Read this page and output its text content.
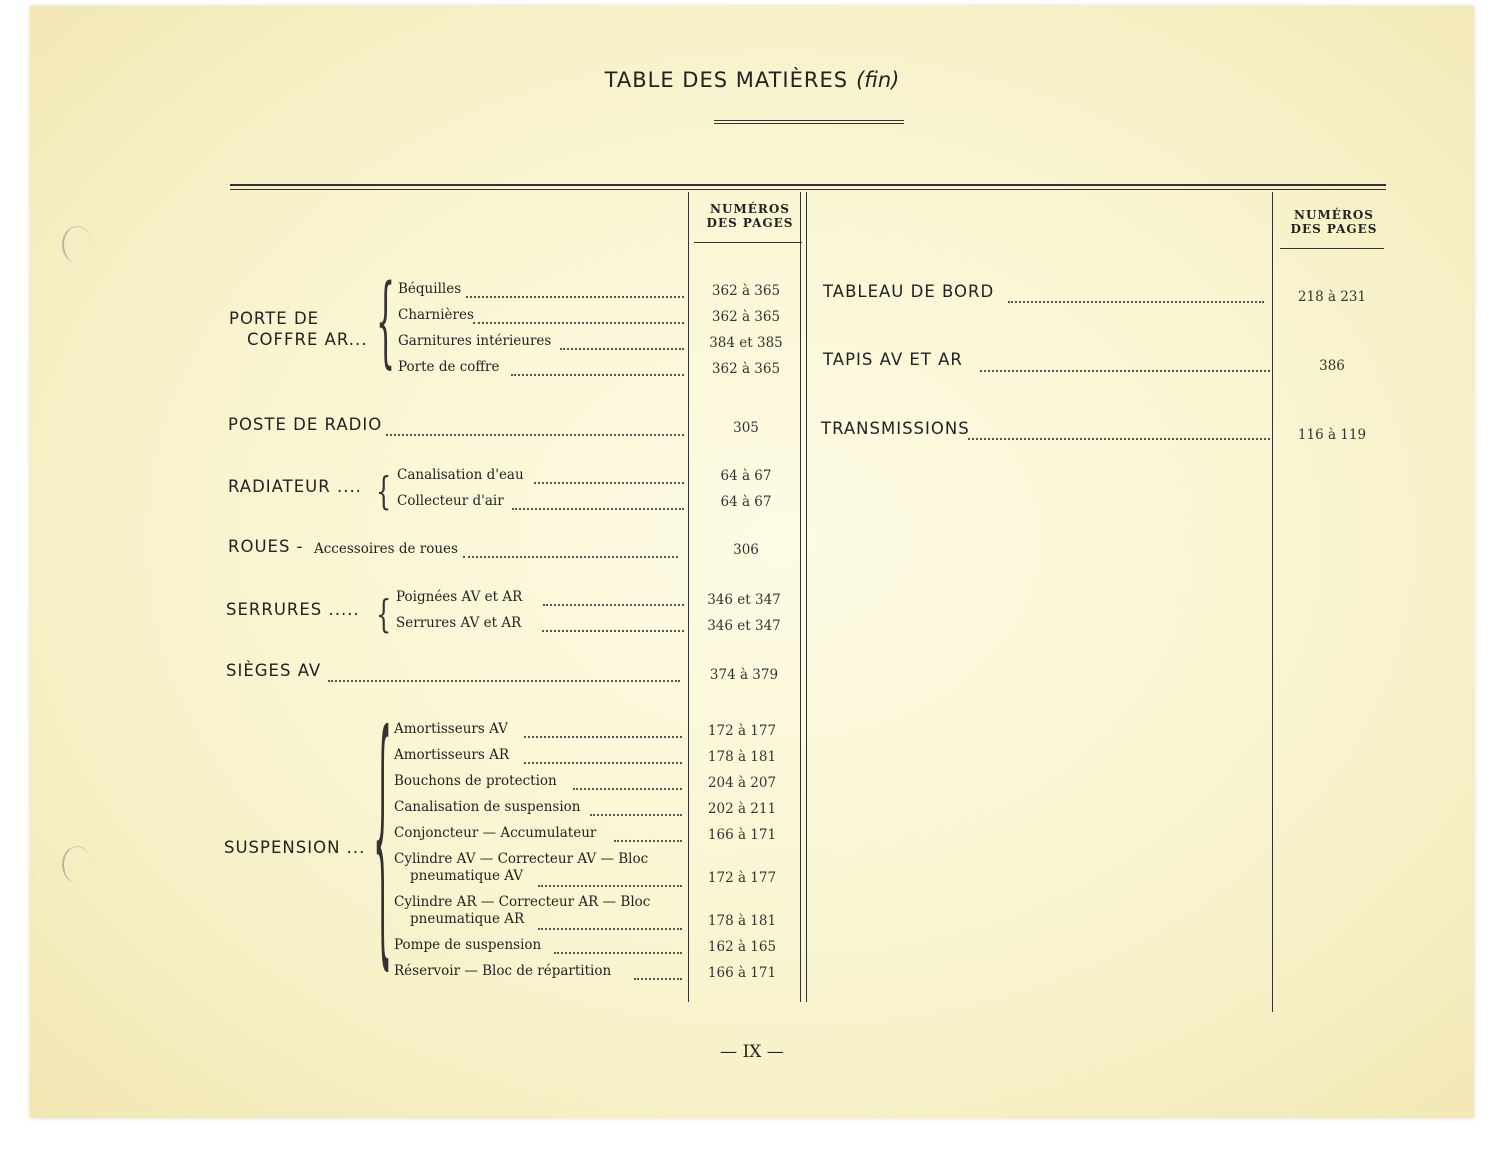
TABLE DES MATIÈRES (fin)
NUMÉROS DES PAGES
NUMÉROS DES PAGES
PORTE DE
COFFRE AR... { Béquilles	362 à 365
Charnières	362 à 365
Garnitures intérieures	384 et 385
Porte de coffre	362 à 365
POSTE DE RADIO	305
RADIATEUR .... { Canalisation d'eau	64 à 67
Collecteur d'air	64 à 67
ROUES - Accessoires de roues	306
SERRURES ..... { Poignées AV et AR	346 et 347
Serrures AV et AR	346 et 347
SIÈGES AV	374 à 379
SUSPENSION ... { Amortisseurs AV	172 à 177
Amortisseurs AR	178 à 181
Bouchons de protection	204 à 207
Canalisation de suspension	202 à 211
Conjoncteur — Accumulateur	166 à 171
Cylindre AV — Correcteur AV — Bloc
pneumatique AV	172 à 177
Cylindre AR — Correcteur AR — Bloc
pneumatique AR	178 à 181
Pompe de suspension	162 à 165
Réservoir — Bloc de répartition	166 à 171
TABLEAU DE BORD	218 à 231
TAPIS AV ET AR	386
TRANSMISSIONS	116 à 119
— IX —
